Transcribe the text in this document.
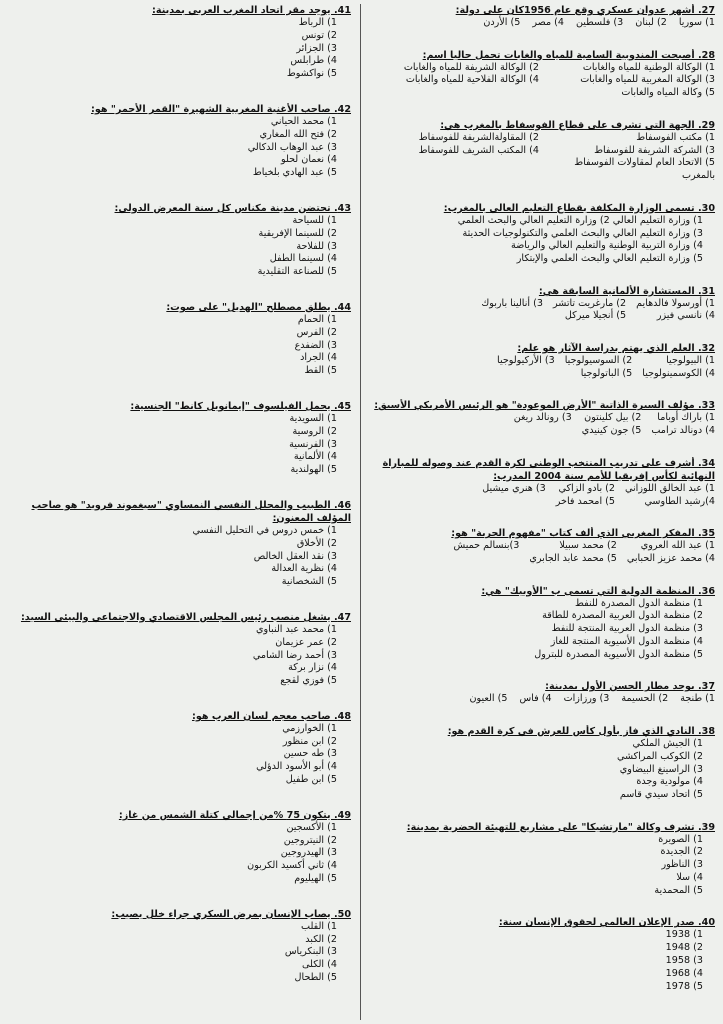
27. أشهر عدوان عسكري وقع عام 1956كان على دولة:
1) سوريا2) لبنان3) فلسطين4) مصر5) الأردن
28. أصبحت المندوبية السامية للمياه والغابات تحمل حاليا اسم:
1) الوكالة الوطنية للمياه والغابات
2) الوكالة الشريفة للمياه والغابات
3) الوكالة المغربية للمياه والغابات
4) الوكالة الفلاحية للمياه والغابات
5) وكالة المياه والغابات
29. الجهة التي تشرف على قطاع الفوسفاط بالمغرب هي:
1) مكتب الفوسفاط
2) المقاولةالشريفة للفوسفاط
3) الشركة الشريفة للفوسفاط
4) المكتب الشريف للفوسفاط
5) الاتحاد العام لمقاولات الفوسفاط بالمغرب
30. تسمى الوزارة المكلفة بقطاع التعليم العالي بالمغرب:
1) وزارة التعليم العالي 2) وزارة التعليم العالي والبحث العلمي
3) وزارة التعليم العالي والبحث العلمي والتكنولوجيات الحديثة
4) وزارة التربية الوطنية والتعليم العالي والرياضة
5) وزارة التعليم العالي والبحث العلمي والإبتكار
31. المستشارة الألمانية السابقة هي:
1) أورسولا فالدهايم
2) مارغريت تاتشر
3) أنالينا باربوك
4) نانسي فيزر
5) أنجيلا ميركل
32. العلم الذي يهتم بدراسة الآثار هو علم:
1) البيولوجيا
2) السوسيولوجيا
3) الأركيولوجيا
4) الكوسمينولوجيا
5) الباتولوجيا
33. مؤلف السيرة الذاتية "الأرض الموعودة" هو الرئيس الأمريكي الأسبق:
1) باراك أوباما
2) بيل كلينتون
3) رونالد ريغن
4) دونالد ترامب
5) جون كينيدي
34. أشرف على تدريب المنتخب الوطني لكرة القدم عند وصوله للمباراة النهائية لكأس إفريقيا للأمم سنة 2004 المدرب:
1) عبد الخالق اللوزاني
2) بادو الزاكي
3) هنري ميشيل
4)رشيد الطاوسي
5) امحمد فاخر
35. المفكر المغربي الذي ألف كتاب "مفهوم الحرية" هو:
1) عبد الله العروي
2) محمد سبيلا
3)بنسالم حميش
4) محمد عزيز الحبابي
5) محمد عابد الجابري
36. المنظمة الدولية التي تسمى ب "الأوبيك" هي:
1) منظمة الدول المصدرة للنفط
2) منظمة الدول العربية المصدرة للطاقة
3) منظمة الدول العربية المنتجة للنفط
4) منظمة الدول الأسيوية المنتجة للغاز
5) منظمة الدول الأسيوية المصدرة للبترول
37. يوجد مطار الحسن الأول بمدينة:
1) طنجة2) الحسيمة3) ورزازات4) فاس5) العيون
38. النادي الذي فاز بأول كأس للعرش في كرة القدم هو:
1) الجيش الملكي
2) الكوكب المراكشي
3) الراسينغ البيضاوي
4) مولودية وجدة
5) اتحاد سيدي قاسم
39. تشرف وكالة "مارتشيكا" على مشاريع للتهيئة الحضرية بمدينة:
1) الصويرة
2) الجديدة
3) الناظور
4) سلا
5) المحمدية
40. صدر الإعلان العالمي لحقوق الإنسان سنة:
1) 1938
2) 1948
3) 1958
4) 1968
5) 1978
41. يوجد مقر اتحاد المغرب العربي بمدينة:
1) الرباط
2) تونس
3) الجزائر
4) طرابلس
5) نواكشوط
42. صاحب الأغنية المغربية الشهيرة "القمر الأحمر" هو:
1) محمد الحياني
2) فتح الله المغاري
3) عبد الوهاب الدكالي
4) نعمان لحلو
5) عبد الهادي بلخياط
43. تحتضن مدينة مكناس كل سنة المعرض الدولي:
1) للسياحة
2) للسينما الإفريقية
3) للفلاحة
4) لسينما الطفل
5) للصناعة التقليدية
44. يطلق مصطلح "الهديل" على صوت:
1) الحمام
2) الفرس
3) الضفدع
4) الجراد
5) القط
45. يحمل الفيلسوف "إيمانويل كانط" الجنسية:
1) السويدية
2) الروسية
3) الفرنسية
4) الألمانية
5) الهولندية
46. الطبيب والمحلل النفسي النمساوي "سيغموند فرويد" هو صاحب المؤلف المعنون:
1) خمس دروس في التحليل النفسي
2) الأخلاق
3) نقد العقل الخالص
4) نظرية العدالة
5) الشخصانية
47. يشغل منصب رئيس المجلس الاقتصادي والاجتماعي والبيئي السيد:
1) محمد عبد النباوي
2) عمر عزيمان
3) أحمد رضا الشامي
4) نزار بركة
5) فوزي لقجع
48. صاحب معجم لسان العرب هو:
1) الخوارزمي
2) ابن منظور
3) طه حسين
4) أبو الأسود الدؤلي
5) ابن طفيل
49. يتكون 75 %من إجمالي كتلة الشمس من غاز:
1) الأكسجين
2) النيتروجين
3) الهيدروجين
4) ثاني أكسيد الكربون
5) الهيليوم
50. يصاب الإنسان بمرض السكري جراء خلل يصيب:
1) القلب
2) الكبد
3) البنكرياس
4) الكلى
5) الطحال
